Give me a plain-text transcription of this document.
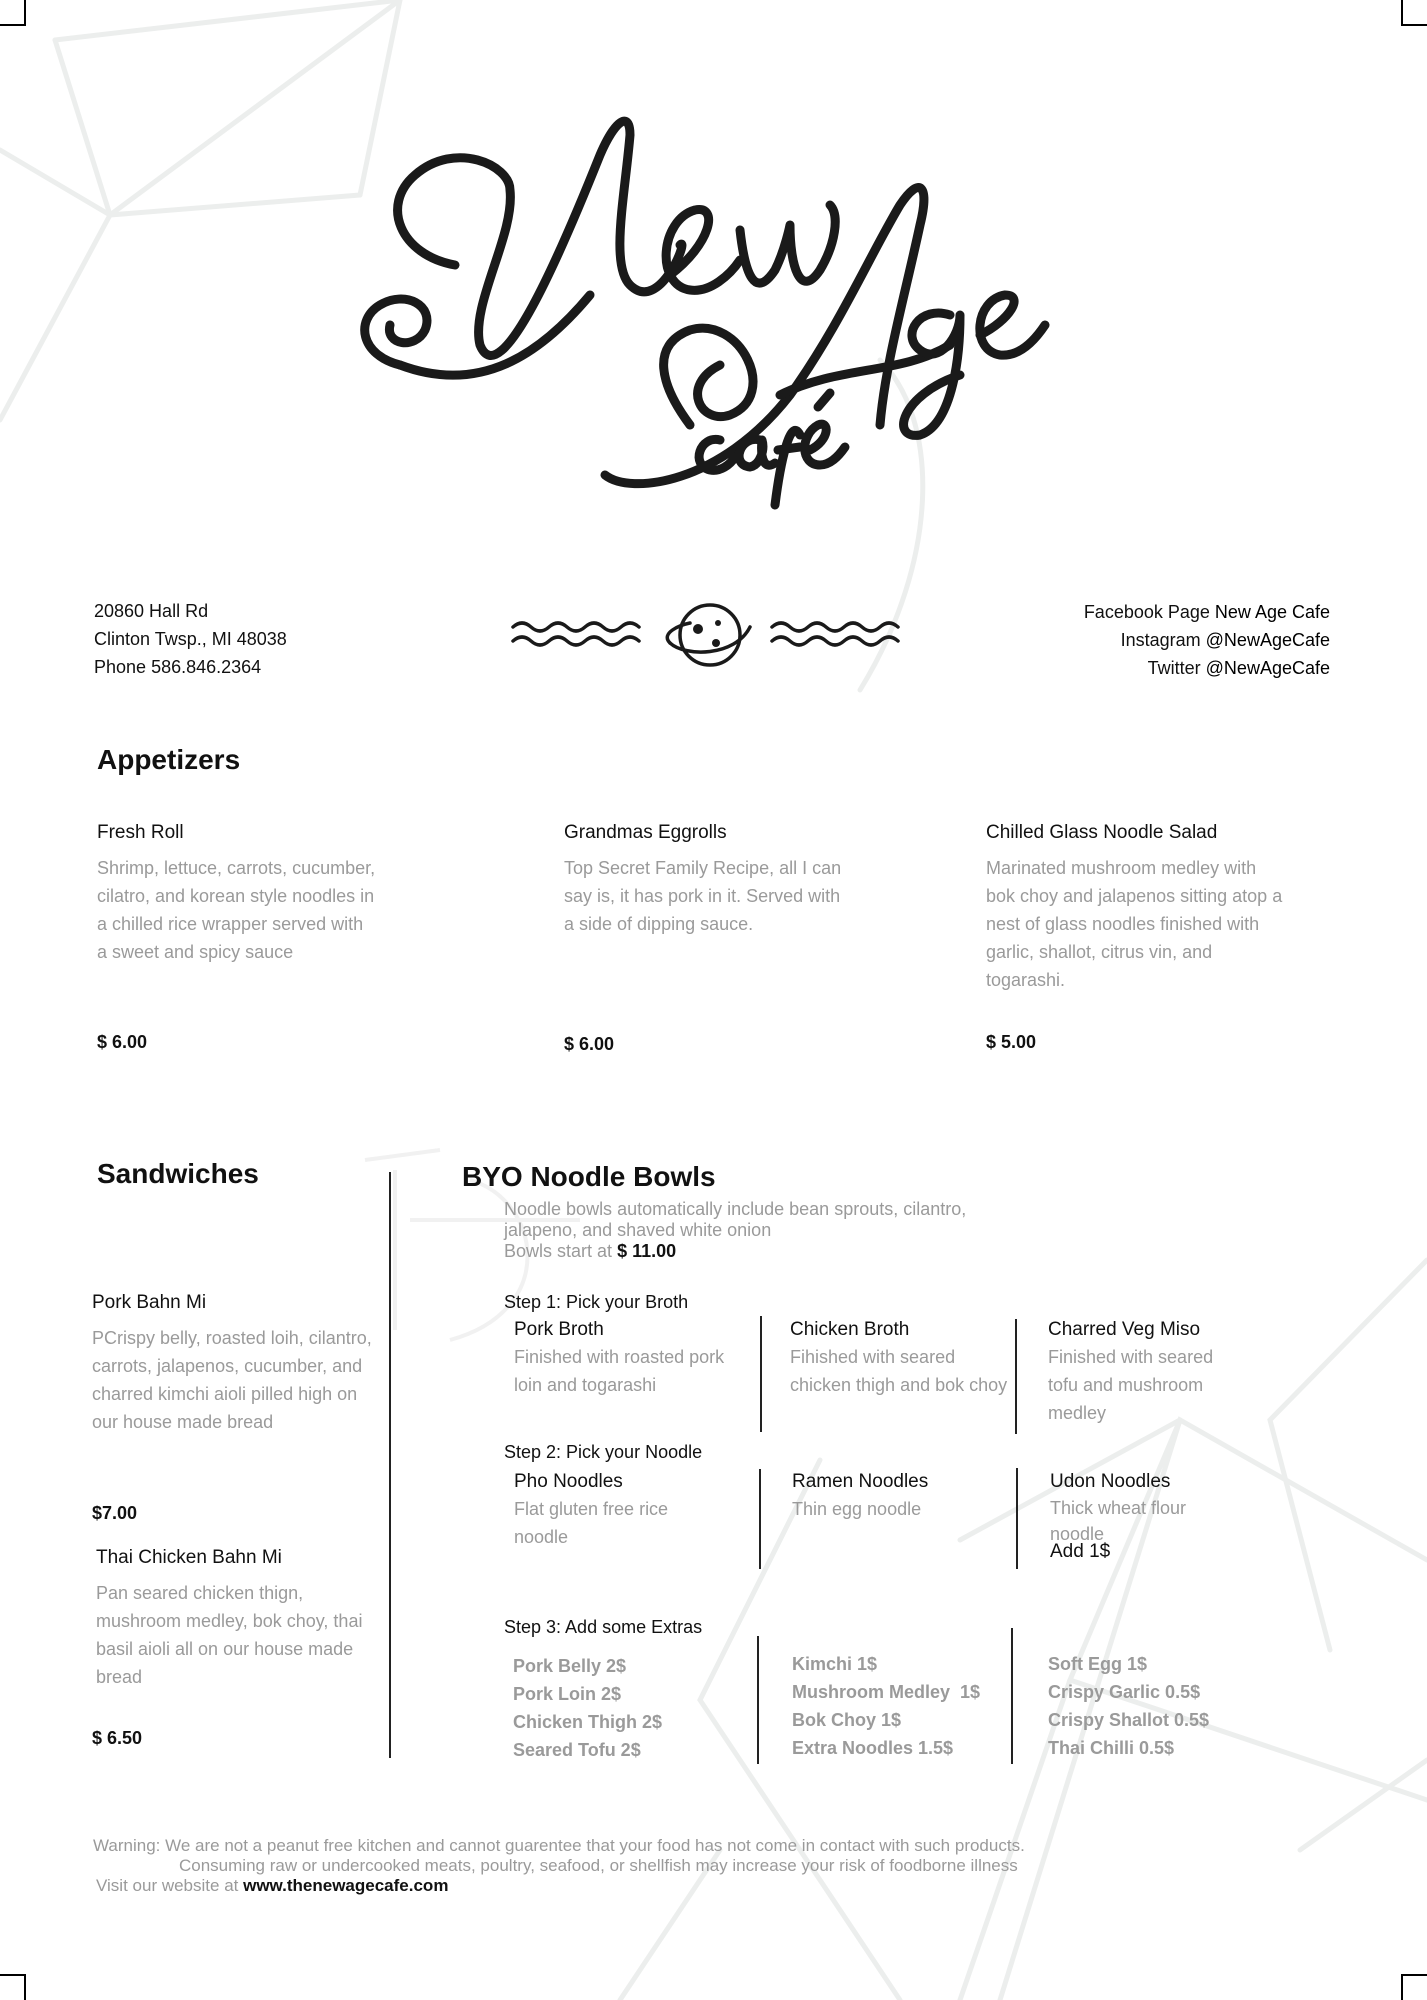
20860 Hall Rd
Clinton Twsp., MI 48038
Phone 586.846.2364
Facebook Page New Age Cafe
Instagram @NewAgeCafe
Twitter @NewAgeCafe
Appetizers
Fresh Roll
Shrimp, lettuce, carrots, cucumber, cilatro, and korean style noodles in a chilled rice wrapper served with a sweet and spicy sauce
$ 6.00
Grandmas Eggrolls
Top Secret Family Recipe, all I can say is, it has pork in it. Served with a side of dipping sauce.
$ 6.00
Chilled Glass Noodle Salad
Marinated mushroom medley with bok choy and jalapenos sitting atop a nest of glass noodles finished with garlic, shallot, citrus vin, and togarashi.
$ 5.00
Sandwiches
Pork Bahn Mi
PCrispy belly, roasted loih, cilantro, carrots, jalapenos, cucumber, and charred kimchi aioli pilled high on our house made bread
$7.00
Thai Chicken Bahn Mi
Pan seared chicken thign, mushroom medley, bok choy, thai basil aioli all on our house made bread
$ 6.50
BYO Noodle Bowls
Noodle bowls automatically include bean sprouts, cilantro, jalapeno, and shaved white onion
Bowls start at $ 11.00
Step 1: Pick your Broth
Pork Broth
Finished with roasted pork loin and togarashi
Chicken Broth
Fihished with seared chicken thigh and bok choy
Charred Veg Miso
Finished with seared tofu and mushroom medley
Step 2: Pick your Noodle
Pho Noodles
Flat gluten free rice noodle
Ramen Noodles
Thin egg noodle
Udon Noodles
Thick wheat flour noodle
Add 1$
Step 3: Add some Extras
Pork Belly 2$
Pork Loin 2$
Chicken Thigh 2$
Seared Tofu 2$
Kimchi 1$
Mushroom Medley  1$
Bok Choy 1$
Extra Noodles 1.5$
Soft Egg 1$
Crispy Garlic 0.5$
Crispy Shallot 0.5$
Thai Chilli 0.5$
Warning: We are not a peanut free kitchen and cannot guarentee that your food has not come in contact with such products.
Consuming raw or undercooked meats, poultry, seafood, or shellfish may increase your risk of foodborne illness
Visit our website at www.thenewagecafe.com
